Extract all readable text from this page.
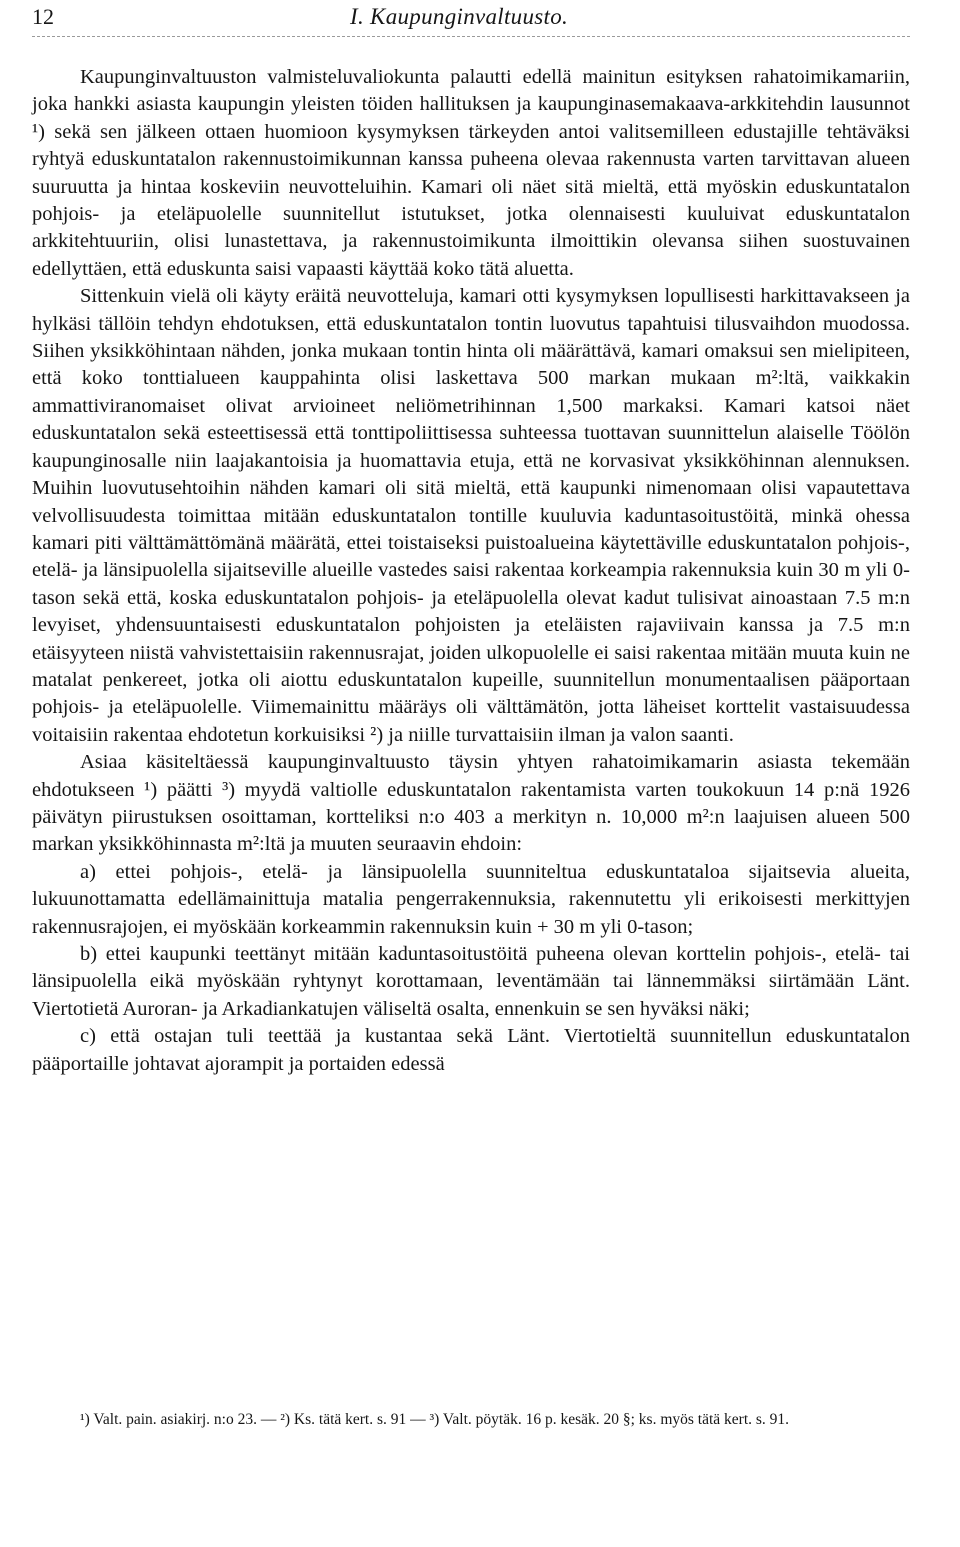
12	I. Kaupunginvaltuusto.

Kaupunginvaltuuston valmisteluvaliokunta palautti edellä mainitun esityksen rahatoimikamariin, joka hankki asiasta kaupungin yleisten töiden hallituksen ja kaupunginasemakaava-arkkitehdin lausunnot ¹) sekä sen jälkeen ottaen huomioon kysymyksen tärkeyden antoi valitsemilleen edustajille tehtäväksi ryhtyä eduskuntatalon rakennustoimikunnan kanssa puheena olevaa rakennusta varten tarvittavan alueen suuruutta ja hintaa koskeviin neuvotteluihin. Kamari oli näet sitä mieltä, että myöskin eduskuntatalon pohjois- ja eteläpuolelle suunnitellut istutukset, jotka olennaisesti kuuluivat eduskuntatalon arkkitehtuuriin, olisi lunastettava, ja rakennustoimikunta ilmoittikin olevansa siihen suostuvainen edellyttäen, että eduskunta saisi vapaasti käyttää koko tätä aluetta.

Sittenkuin vielä oli käyty eräitä neuvotteluja, kamari otti kysymyksen lopullisesti harkittavakseen ja hylkäsi tällöin tehdyn ehdotuksen, että eduskuntatalon tontin luovutus tapahtuisi tilusvaihdon muodossa. Siihen yksikköhintaan nähden, jonka mukaan tontin hinta oli määrättävä, kamari omaksui sen mielipiteen, että koko tonttialueen kauppahinta olisi laskettava 500 markan mukaan m²:ltä, vaikkakin ammattiviranomaiset olivat arvioineet neliömetrihinnan 1,500 markaksi. Kamari katsoi näet eduskuntatalon sekä esteettisessä että tonttipoliittisessa suhteessa tuottavan suunnittelun alaiselle Töölön kaupunginosalle niin laajakantoisia ja huomattavia etuja, että ne korvasivat yksikköhinnan alennuksen. Muihin luovutusehtoihin nähden kamari oli sitä mieltä, että kaupunki nimenomaan olisi vapautettava velvollisuudesta toimittaa mitään eduskuntatalon tontille kuuluvia kaduntasoitustöitä, minkä ohessa kamari piti välttämättömänä määrätä, ettei toistaiseksi puistoalueina käytettäville eduskuntatalon pohjois-, etelä- ja länsipuolella sijaitseville alueille vastedes saisi rakentaa korkeampia rakennuksia kuin 30 m yli 0-tason sekä että, koska eduskuntatalon pohjois- ja eteläpuolella olevat kadut tulisivat ainoastaan 7.5 m:n levyiset, yhdensuuntaisesti eduskuntatalon pohjoisten ja eteläisten rajaviivain kanssa ja 7.5 m:n etäisyyteen niistä vahvistettaisiin rakennusrajat, joiden ulkopuolelle ei saisi rakentaa mitään muuta kuin ne matalat penkereet, jotka oli aiottu eduskuntatalon kupeille, suunnitellun monumentaalisen pääportaan pohjois- ja eteläpuolelle. Viimemainittu määräys oli välttämätön, jotta läheiset korttelit vastaisuudessa voitaisiin rakentaa ehdotetun korkuisiksi ²) ja niille turvattaisiin ilman ja valon saanti.

Asiaa käsiteltäessä kaupunginvaltuusto täysin yhtyen rahatoimikamarin asiasta tekemään ehdotukseen ¹) päätti ³) myydä valtiolle eduskuntatalon rakentamista varten toukokuun 14 p:nä 1926 päivätyn piirustuksen osoittaman, kortteliksi n:o 403 a merkityn n. 10,000 m²:n laajuisen alueen 500 markan yksikköhinnasta m²:ltä ja muuten seuraavin ehdoin:

a) ettei pohjois-, etelä- ja länsipuolella suunniteltua eduskuntataloa sijaitsevia alueita, lukuunottamatta edellämainittuja matalia pengerrakennuksia, rakennutettu yli erikoisesti merkittyjen rakennusrajojen, ei myöskään korkeammin rakennuksin kuin + 30 m yli 0-tason;

b) ettei kaupunki teettänyt mitään kaduntasoitustöitä puheena olevan korttelin pohjois-, etelä- tai länsipuolella eikä myöskään ryhtynyt korottamaan, leventämään tai lännemmäksi siirtämään Länt. Viertotietä Auroran- ja Arkadiankatujen väliseltä osalta, ennenkuin se sen hyväksi näki;

c) että ostajan tuli teettää ja kustantaa sekä Länt. Viertotieltä suunnitellun eduskuntatalon pääportaille johtavat ajorampit ja portaiden edessä

¹) Valt. pain. asiakirj. n:o 23. — ²) Ks. tätä kert. s. 91 — ³) Valt. pöytäk. 16 p. kesäk. 20 §; ks. myös tätä kert. s. 91.
